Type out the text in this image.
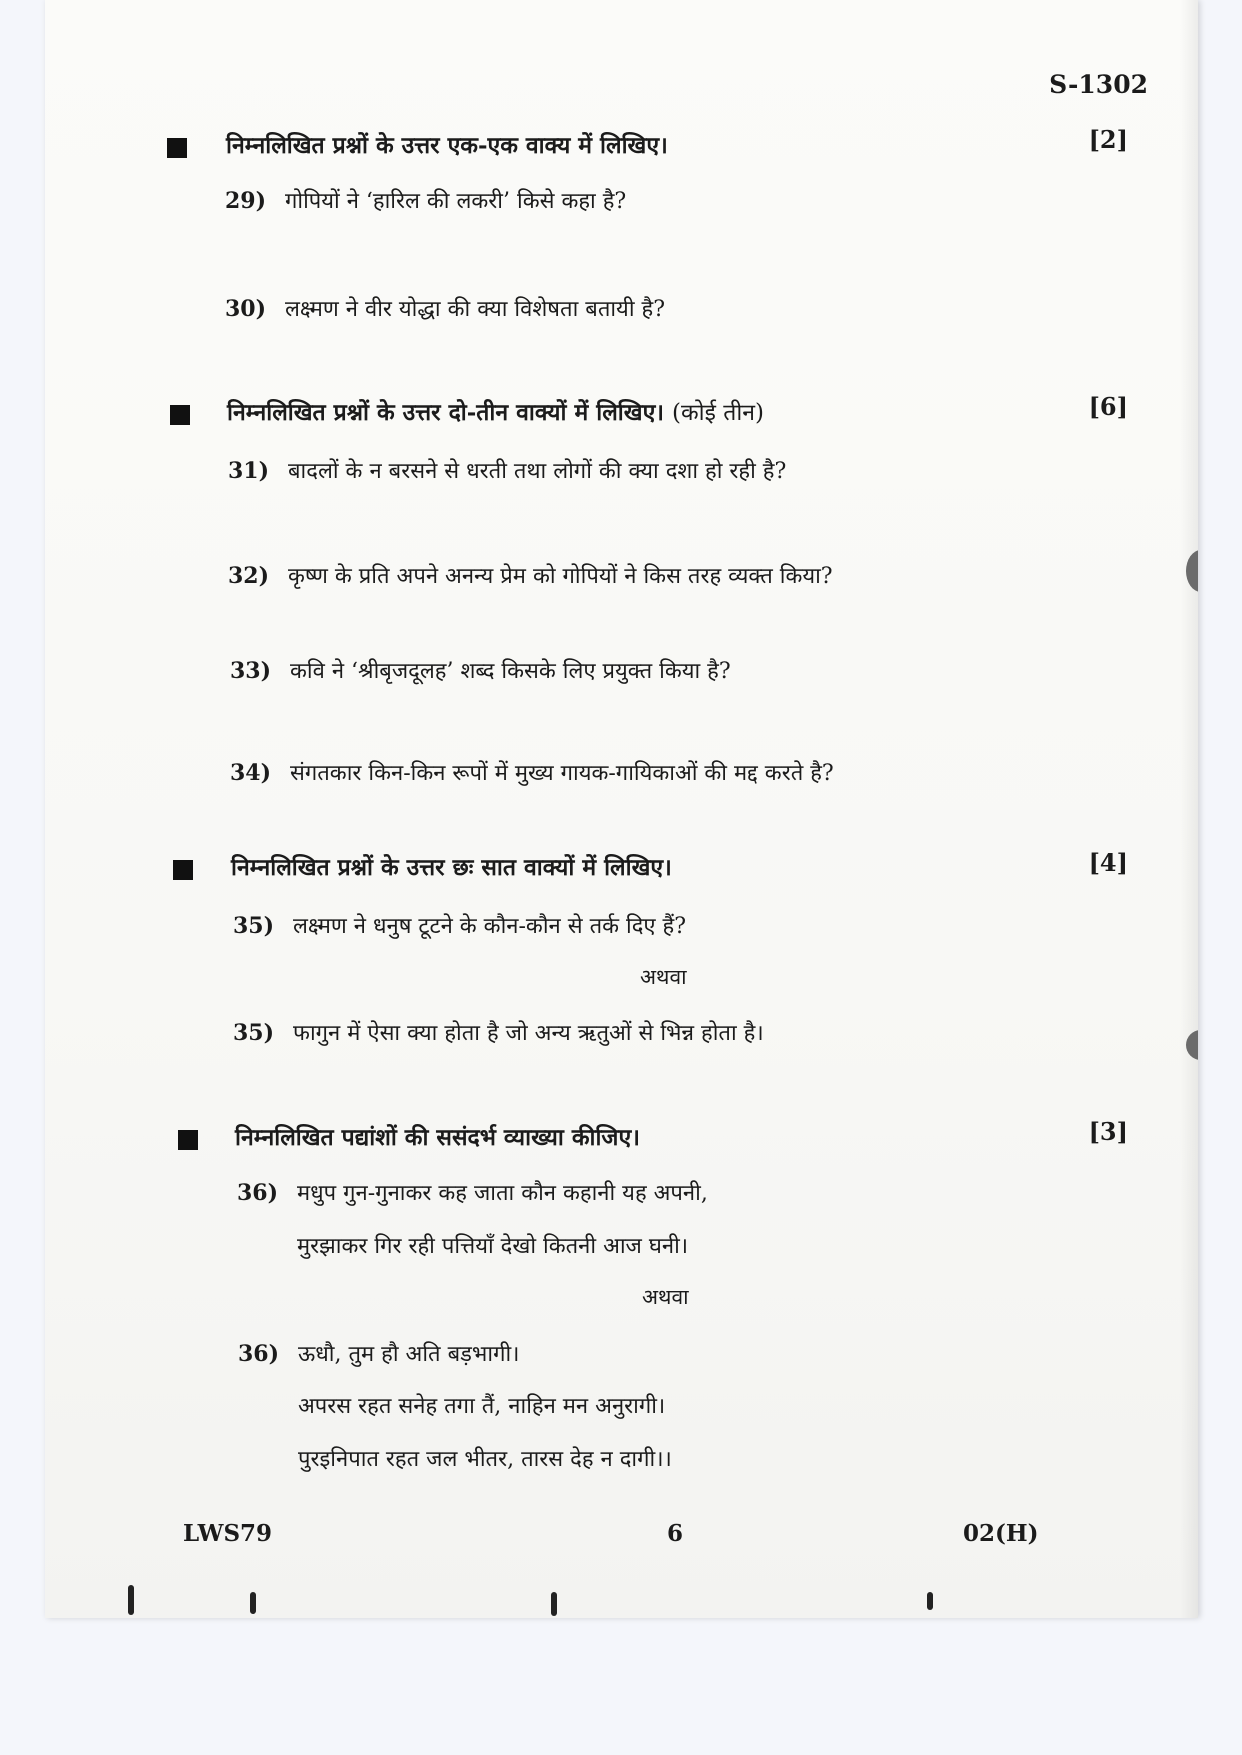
S-1302
निम्नलिखित प्रश्नों के उत्तर एक-एक वाक्य में लिखिए।	[2]
29) गोपियों ने ‘हारिल की लकरी’ किसे कहा है?
30) लक्ष्मण ने वीर योद्धा की क्या विशेषता बतायी है?
निम्नलिखित प्रश्नों के उत्तर दो-तीन वाक्यों में लिखिए। (कोई तीन)	[6]
31) बादलों के न बरसने से धरती तथा लोगों की क्या दशा हो रही है?
32) कृष्ण के प्रति अपने अनन्य प्रेम को गोपियों ने किस तरह व्यक्त किया?
33) कवि ने ‘श्रीबृजदूलह’ शब्द किसके लिए प्रयुक्त किया है?
34) संगतकार किन-किन रूपों में मुख्य गायक-गायिकाओं की मद्द करते है?
निम्नलिखित प्रश्नों के उत्तर छः सात वाक्यों में लिखिए।	[4]
35) लक्ष्मण ने धनुष टूटने के कौन-कौन से तर्क दिए हैं?
अथवा
35) फागुन में ऐसा क्या होता है जो अन्य ऋतुओं से भिन्न होता है।
निम्नलिखित पद्यांशों की ससंदर्भ व्याख्या कीजिए।	[3]
36) मधुप गुन-गुनाकर कह जाता कौन कहानी यह अपनी,
मुरझाकर गिर रही पत्तियाँ देखो कितनी आज घनी।
अथवा
36) ऊधौ, तुम हौ अति बड़भागी।
अपरस रहत सनेह तगा तैं, नाहिन मन अनुरागी।
पुरइनिपात रहत जल भीतर, तारस देह न दागी।।
LWS79	6	02(H)
